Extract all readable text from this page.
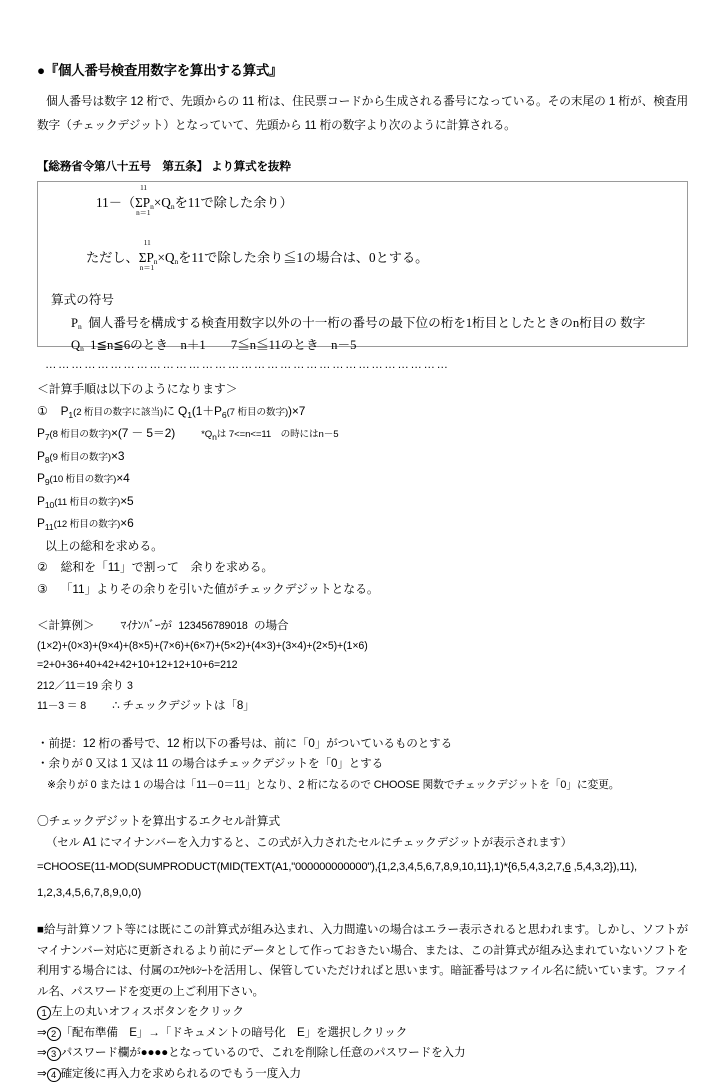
●『個人番号検査用数字を算出する算式』

個人番号は数字 12 桁で、先頭からの 11 桁は、住民票コードから生成される番号になっている。その末尾の 1 桁が、検査用数字（チェックデジット）となっていて、先頭から 11 桁の数字より次のように計算される。

【総務省令第八十五号　第五条】 より算式を抜粋
11－（
11
Σ
n＝1
$P_n\times Q_n$を11で除した余り）
ただし、
11
Σ
n＝1
$P_n\times Q_n$を11で除した余り≦1の場合は、0とする。
算式の符号
$P_n$ 個人番号を構成する検査用数字以外の十一桁の番号の最下位の桁を1桁目としたときのn桁目の 数字
$Q_n$ 1≦n≦6のとき　n＋1　　7≦n≦11のとき　n－5
…………………………………………………………………………………
＜計算手順は以下のようになります＞
① $P_1(2$ 桁目の数字に該当)に $Q_1(1+P_6(7$ 桁目の数字))×7
$P_7(8$ 桁目の数字)×(7 － 5＝2)	$*Q_n$は 7<=n<=11　の時にはn－5
$P_8(9$ 桁目の数字)×3
$P_9(10$ 桁目の数字)×4
$P_{10}(11$ 桁目の数字)×5
$P_{11}(12$ 桁目の数字)×6
以上の総和を求める。
② 総和を「11」で割って　余りを求める。
③ 「11」よりその余りを引いた値がチェックデジットとなる。
＜計算例＞ ﾏｲﾅﾝﾊﾞｰが 123456789018 の場合
(1×2)+(0×3)+(9×4)+(8×5)+(7×6)+(6×7)+(5×2)+(4×3)+(3×4)+(2×5)+(1×6)
=2+0+36+40+42+42+10+12+12+10+6=212
212／11＝19 余り 3
11－3 ＝ 8 ∴ チェックデジットは「8」
・前提：12 桁の番号で、12 桁以下の番号は、前に「0」がついているものとする
・余りが 0 又は 1 又は 11 の場合はチェックデジットを「0」とする
※余りが 0 または 1 の場合は「11－0＝11」となり、2 桁になるので CHOOSE 関数でチェックデジットを「0」に変更。
〇チェックデジットを算出するエクセル計算式
（セル A1 にマイナンバーを入力すると、この式が入力されたセルにチェックデジットが表示されます）
=CHOOSE(11-MOD(SUMPRODUCT(MID(TEXT(A1,"000000000000"),{1,2,3,4,5,6,7,8,9,10,11},1)*{6,5,4,3,2,7,6 ,5,4,3,2}),11),
1,2,3,4,5,6,7,8,9,0,0)

■給与計算ソフト等には既にこの計算式が組み込まれ、入力間違いの場合はエラー表示されると思われます。しかし、ソフトがマイナンバー対応に更新されるより前にデータとして作っておきたい場合、または、この計算式が組み込まれていないソフトを利用する場合には、付属のｴｸｾﾙｼｰﾄを活用し、保管していただければと思います。暗証番号はファイル名に続いています。ファイル名、パスワードを変更の上ご利用下さい。

1 左上の丸いオフィスボタンをクリック
⇒ 2 「配布準備　E」→「ドキュメントの暗号化　E」を選択しクリック
⇒ 3 パスワード欄が●●●●となっているので、これを削除し任意のパスワードを入力
⇒ 4 確定後に再入力を求められるのでもう一度入力
